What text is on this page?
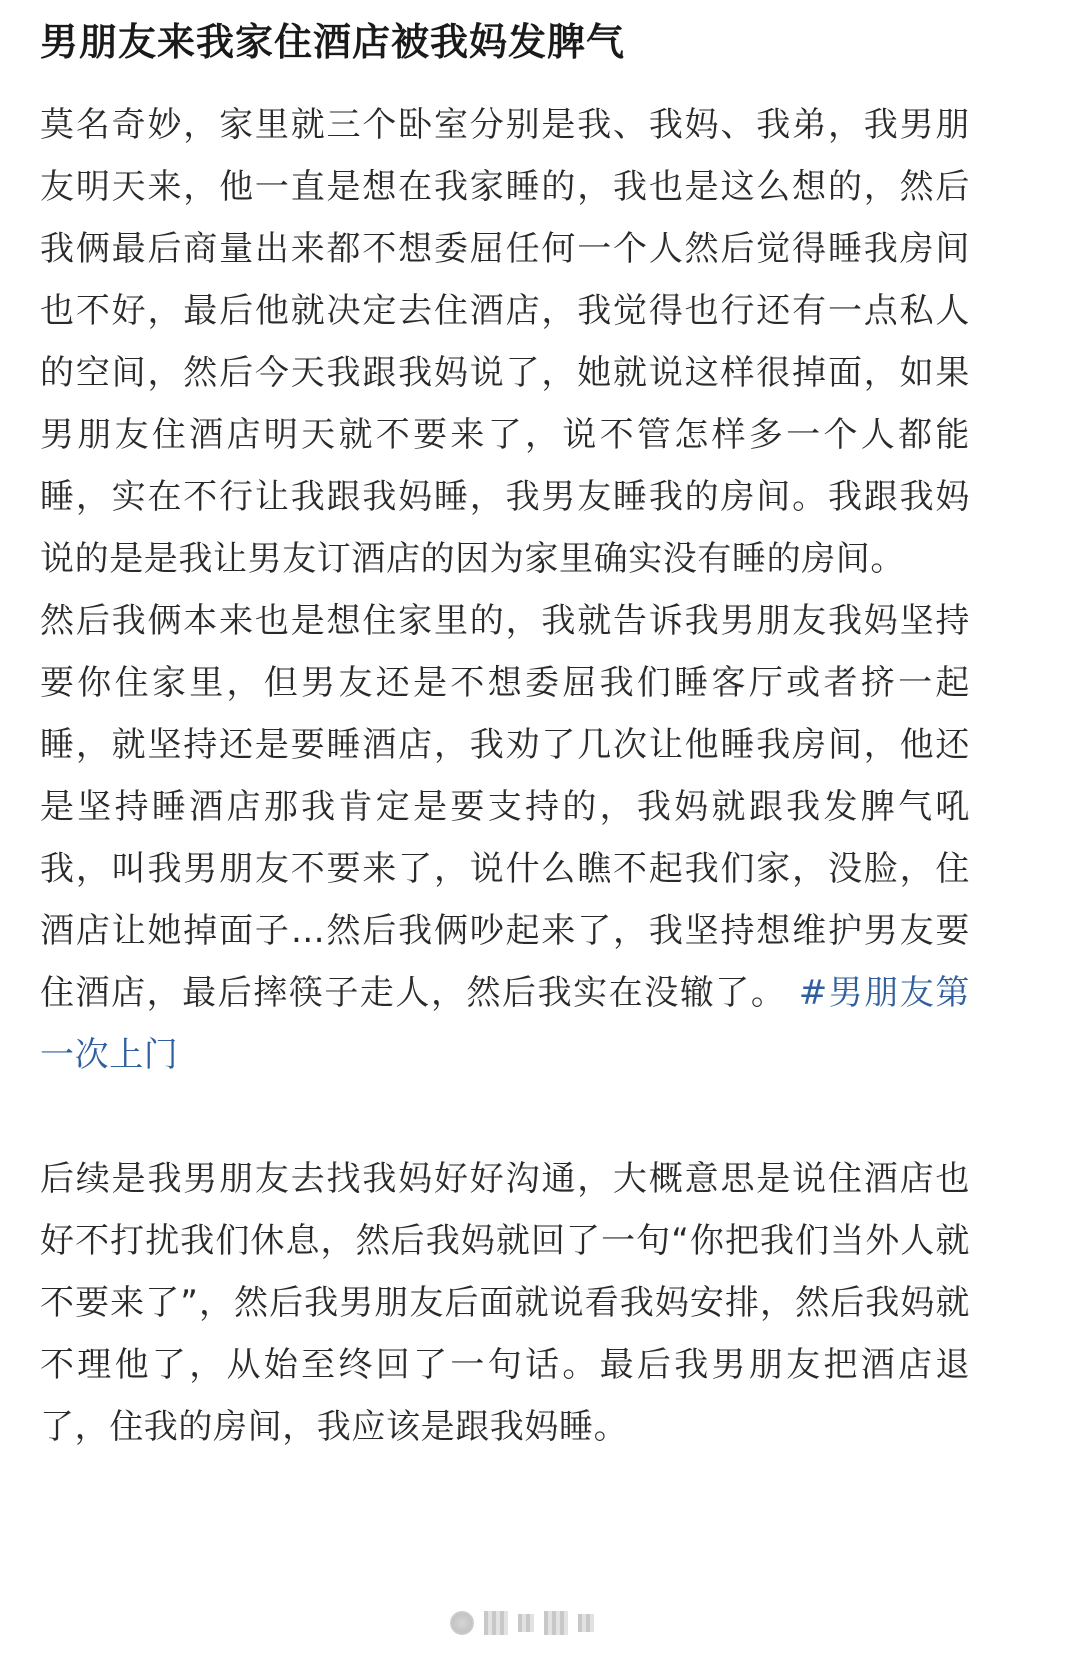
男朋友来我家住酒店被我妈发脾气

莫名奇妙，家里就三个卧室分别是我、我妈、我弟，我男朋友明天来，他一直是想在我家睡的，我也是这么想的，然后我俩最后商量出来都不想委屈任何一个人然后觉得睡我房间也不好，最后他就决定去住酒店，我觉得也行还有一点私人的空间，然后今天我跟我妈说了，她就说这样很掉面，如果男朋友住酒店明天就不要来了，说不管怎样多一个人都能睡，实在不行让我跟我妈睡，我男友睡我的房间。我跟我妈说的是是我让男友订酒店的因为家里确实没有睡的房间。

然后我俩本来也是想住家里的，我就告诉我男朋友我妈坚持要你住家里，但男友还是不想委屈我们睡客厅或者挤一起睡，就坚持还是要睡酒店，我劝了几次让他睡我房间，他还是坚持睡酒店那我肯定是要支持的，我妈就跟我发脾气吼我，叫我男朋友不要来了，说什么瞧不起我们家，没脸，住酒店让她掉面子…然后我俩吵起来了，我坚持想维护男友要住酒店，最后摔筷子走人，然后我实在没辙了。 #男朋友第一次上门

后续是我男朋友去找我妈好好沟通，大概意思是说住酒店也好不打扰我们休息，然后我妈就回了一句“你把我们当外人就不要来了”，然后我男朋友后面就说看我妈安排，然后我妈就不理他了，从始至终回了一句话。最后我男朋友把酒店退了，住我的房间，我应该是跟我妈睡。
